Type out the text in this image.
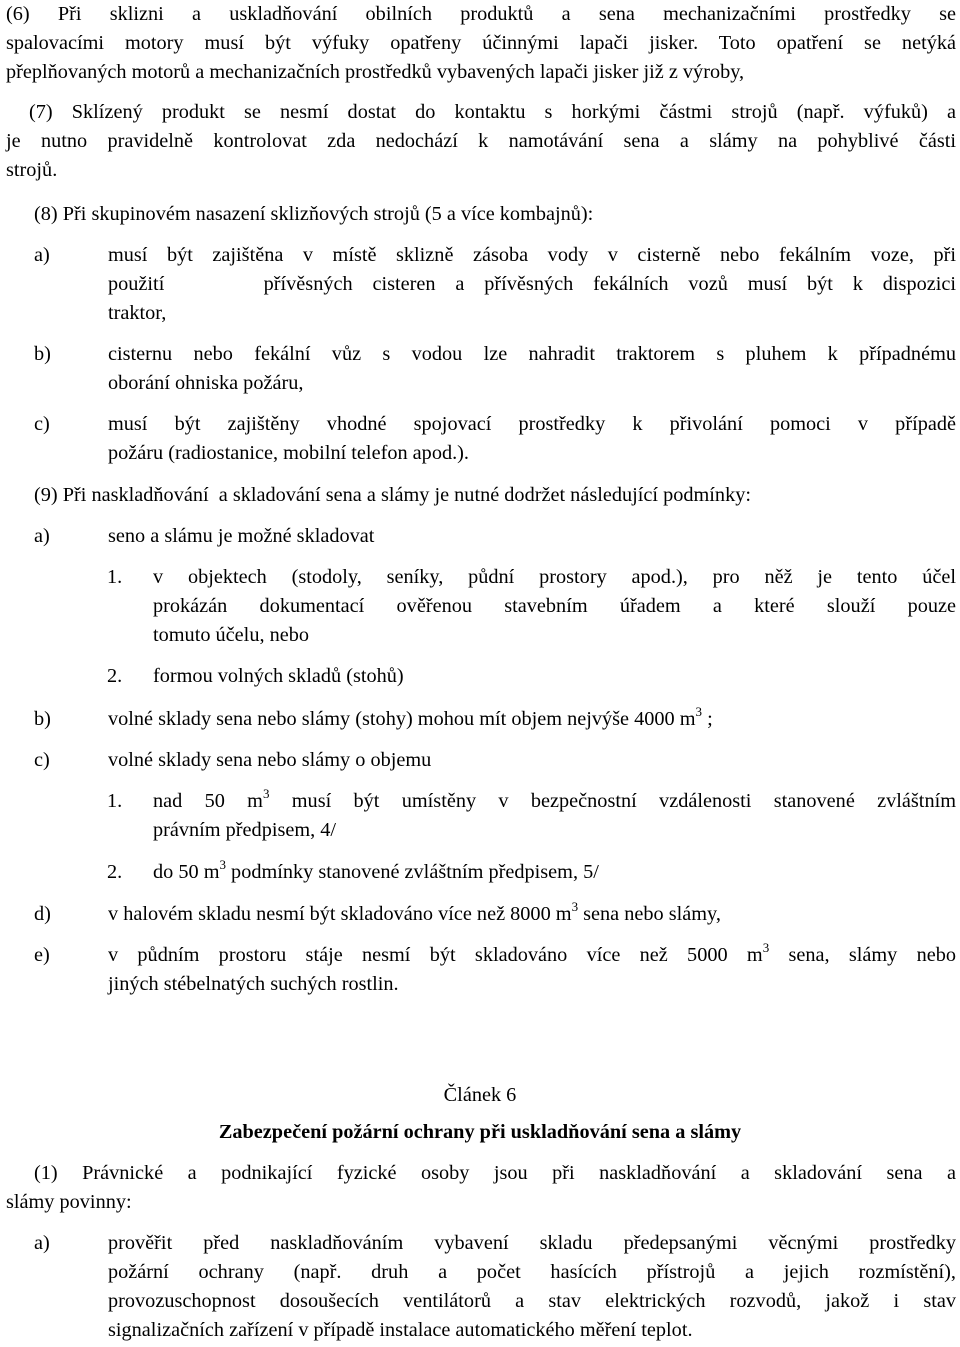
(6) Při sklizni a uskladňování obilních produktů a sena mechanizačními prostředky se
spalovacími motory musí být výfuky opatřeny účinnými lapači jisker. Toto opatření se netýká
přeplňovaných motorů a mechanizačních prostředků vybavených lapači jisker již z výroby,
(7) Sklízený produkt se nesmí dostat do kontaktu s horkými částmi strojů (např. výfuků) a
je nutno pravidelně kontrolovat zda nedochází k namotávání sena a slámy na pohyblivé části
strojů.
(8) Při skupinovém nasazení sklizňových strojů (5 a více kombajnů):
a)	musí být zajištěna v místě sklizně zásoba vody v cisterně nebo fekálním voze, při
použití     přívěsných cisteren a přívěsných fekálních vozů musí být k dispozici
traktor,
b)	cisternu nebo fekální vůz s vodou lze nahradit traktorem s pluhem k případnému
oborání ohniska požáru,
c)	musí být zajištěny vhodné spojovací prostředky k přivolání pomoci v případě
požáru (radiostanice, mobilní telefon apod.).
(9) Při naskladňování  a skladování sena a slámy je nutné dodržet následující podmínky:
a)	seno a slámu je možné skladovat
1. v objektech (stodoly, seníky, půdní prostory apod.), pro něž je tento účel
prokázán dokumentací ověřenou stavebním úřadem a které slouží pouze
tomuto účelu, nebo
2. formou volných skladů (stohů)
b)	volné sklady sena nebo slámy (stohy) mohou mít objem nejvýše 4000 $m^3$ ;
c)	volné sklady sena nebo slámy o objemu
1. nad 50 $m^3$ musí být umístěny v bezpečnostní vzdálenosti stanovené zvláštním
právním předpisem, 4/
2. do 50 $m^3$ podmínky stanovené zvláštním předpisem, 5/
d)	v halovém skladu nesmí být skladováno více než 8000 $m^3$ sena nebo slámy,
e)	v půdním prostoru stáje nesmí být skladováno více než 5000 $m^3$ sena, slámy nebo
jiných stébelnatých suchých rostlin.
Článek 6
Zabezpečení požární ochrany při uskladňování sena a slámy
(1) Právnické a podnikající fyzické osoby jsou při naskladňování a skladování sena a
slámy povinny:
a)	prověřit před naskladňováním vybavení skladu předepsanými věcnými prostředky
požární ochrany (např. druh a počet hasících přístrojů a jejich rozmístění),
provozuschopnost dosoušecích ventilátorů a stav elektrických rozvodů, jakož i stav
signalizačních zařízení v případě instalace automatického měření teplot.
